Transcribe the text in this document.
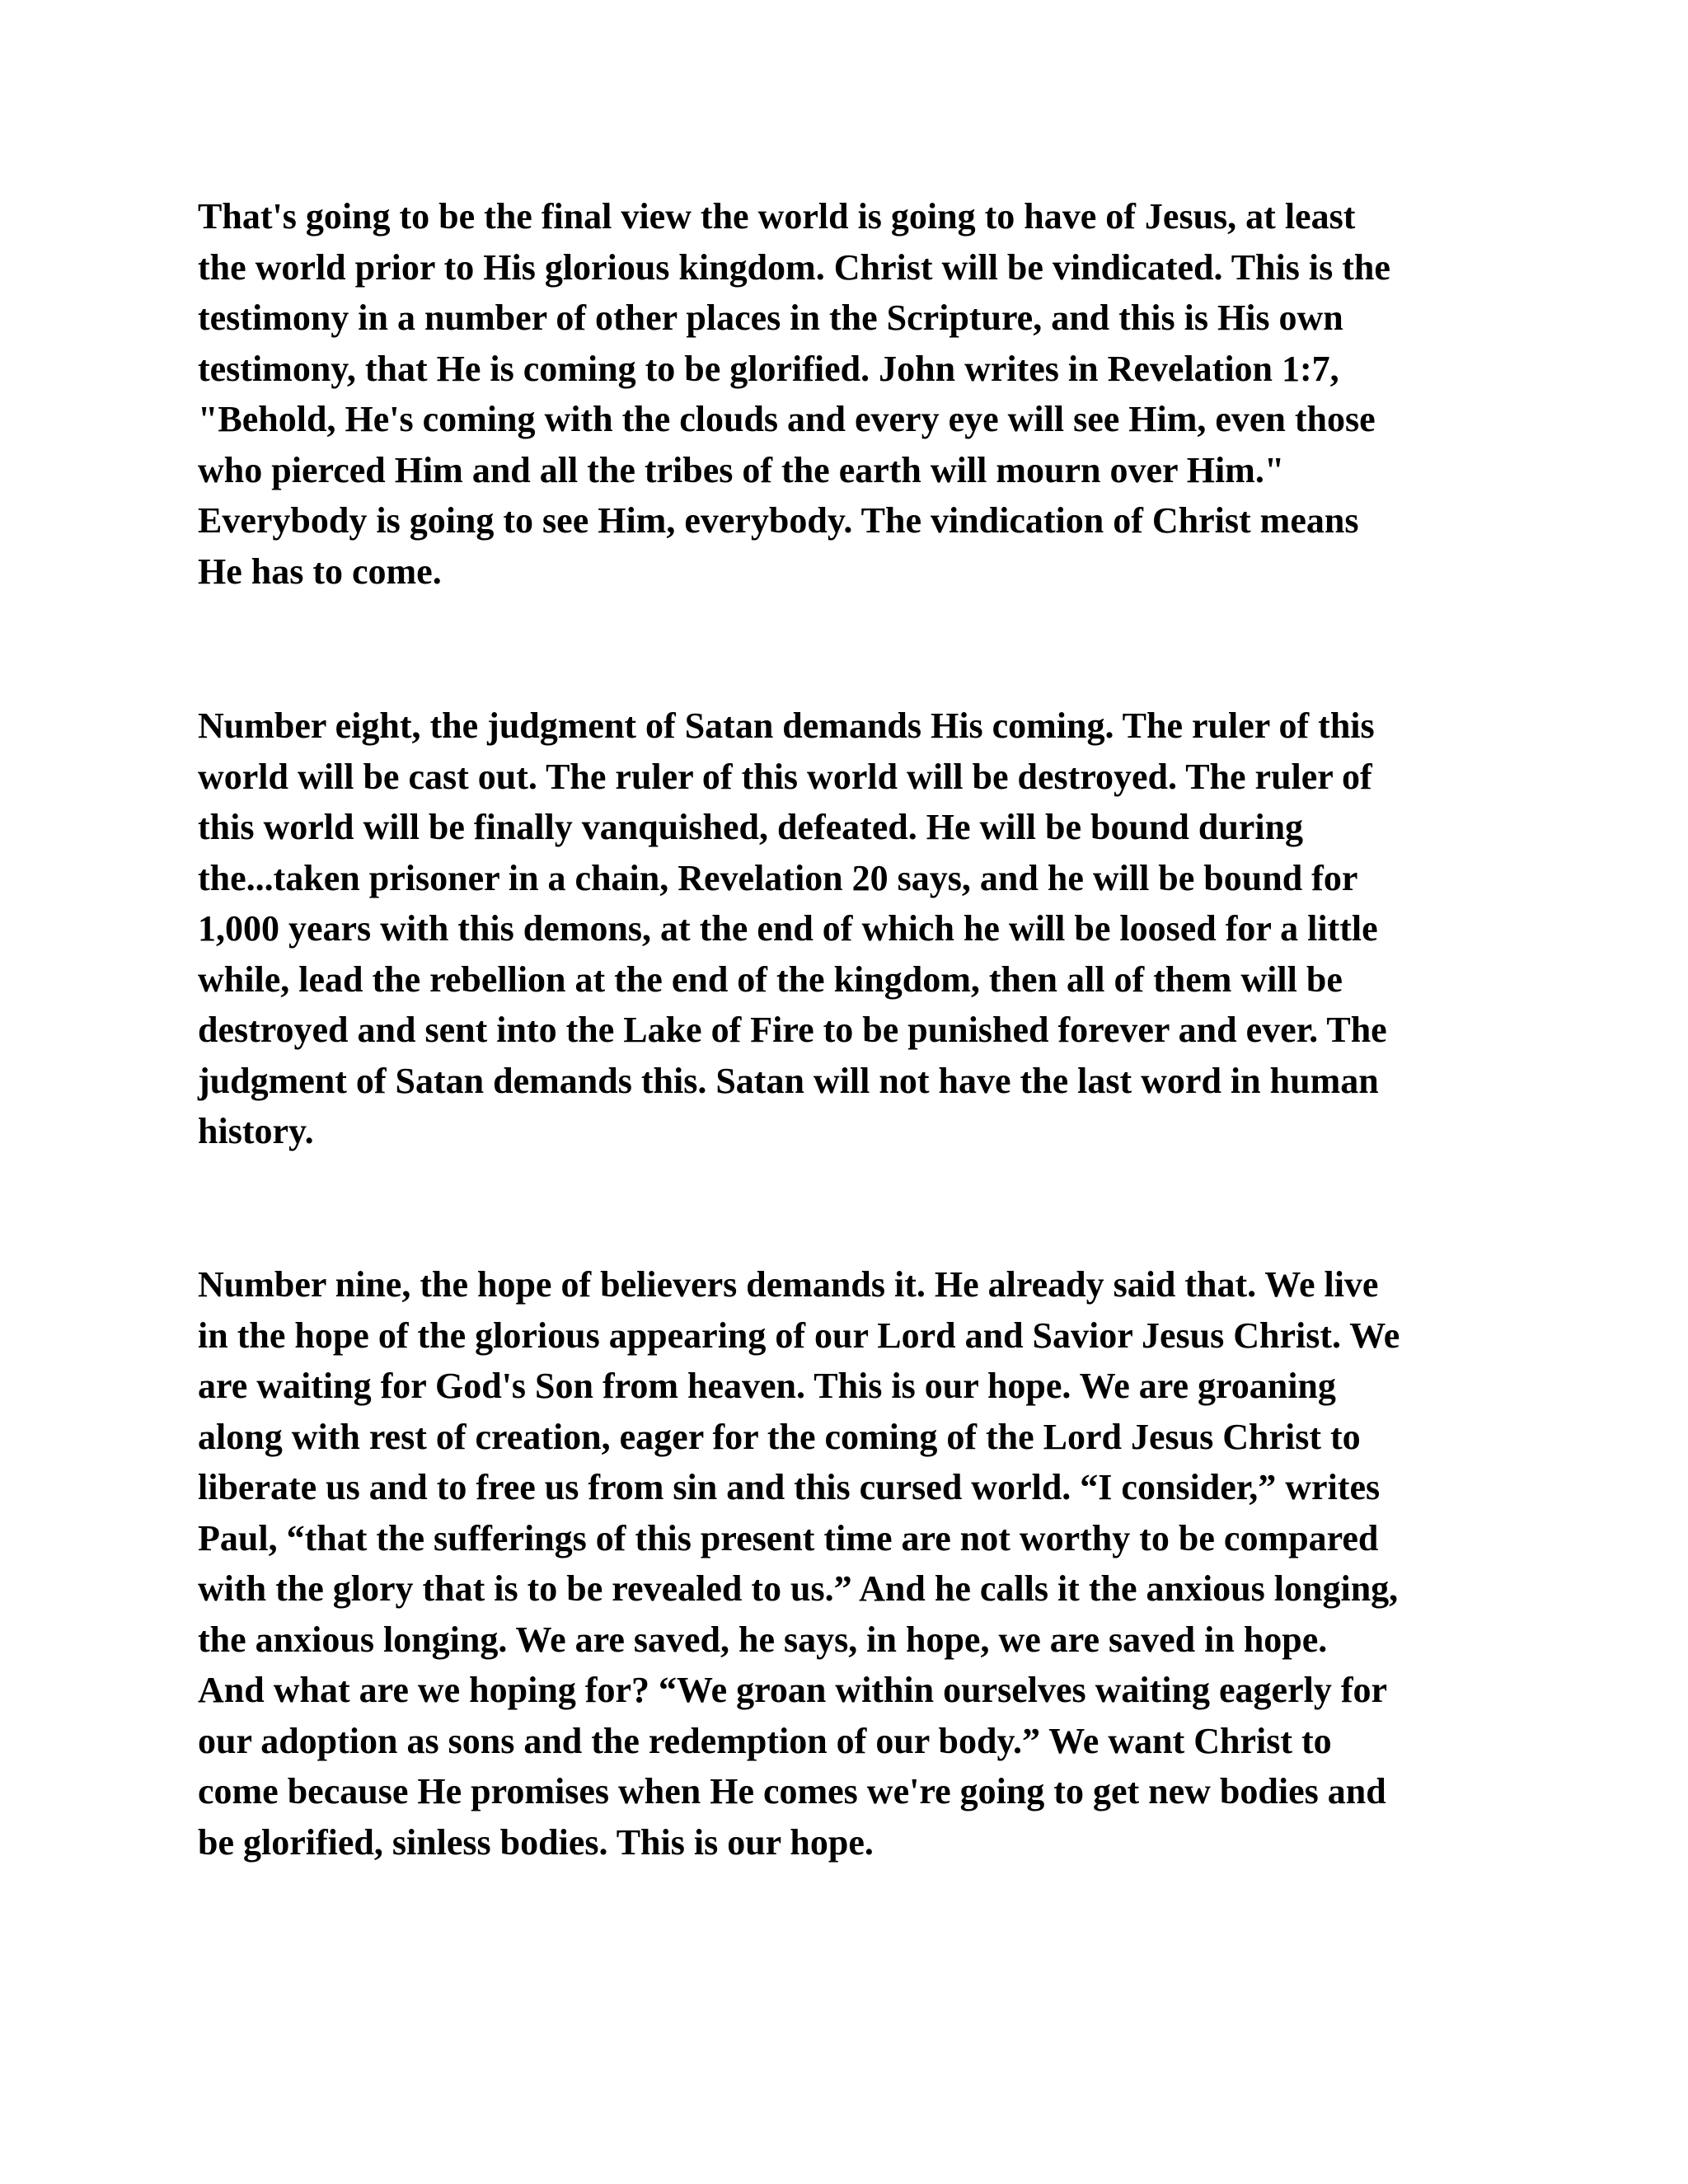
That's going to be the final view the world is going to have of Jesus, at least
the world prior to His glorious kingdom. Christ will be vindicated. This is the
testimony in a number of other places in the Scripture, and this is His own
testimony, that He is coming to be glorified. John writes in Revelation 1:7,
"Behold, He's coming with the clouds and every eye will see Him, even those
who pierced Him and all the tribes of the earth will mourn over Him."
Everybody is going to see Him, everybody. The vindication of Christ means
He has to come.
Number eight, the judgment of Satan demands His coming. The ruler of this
world will be cast out. The ruler of this world will be destroyed. The ruler of
this world will be finally vanquished, defeated. He will be bound during
the...taken prisoner in a chain, Revelation 20 says, and he will be bound for
1,000 years with this demons, at the end of which he will be loosed for a little
while, lead the rebellion at the end of the kingdom, then all of them will be
destroyed and sent into the Lake of Fire to be punished forever and ever. The
judgment of Satan demands this. Satan will not have the last word in human
history.
Number nine, the hope of believers demands it. He already said that. We live
in the hope of the glorious appearing of our Lord and Savior Jesus Christ. We
are waiting for God's Son from heaven. This is our hope. We are groaning
along with rest of creation, eager for the coming of the Lord Jesus Christ to
liberate us and to free us from sin and this cursed world. “I consider,” writes
Paul, “that the sufferings of this present time are not worthy to be compared
with the glory that is to be revealed to us.” And he calls it the anxious longing,
the anxious longing. We are saved, he says, in hope, we are saved in hope.
And what are we hoping for? “We groan within ourselves waiting eagerly for
our adoption as sons and the redemption of our body.” We want Christ to
come because He promises when He comes we're going to get new bodies and
be glorified, sinless bodies. This is our hope.
